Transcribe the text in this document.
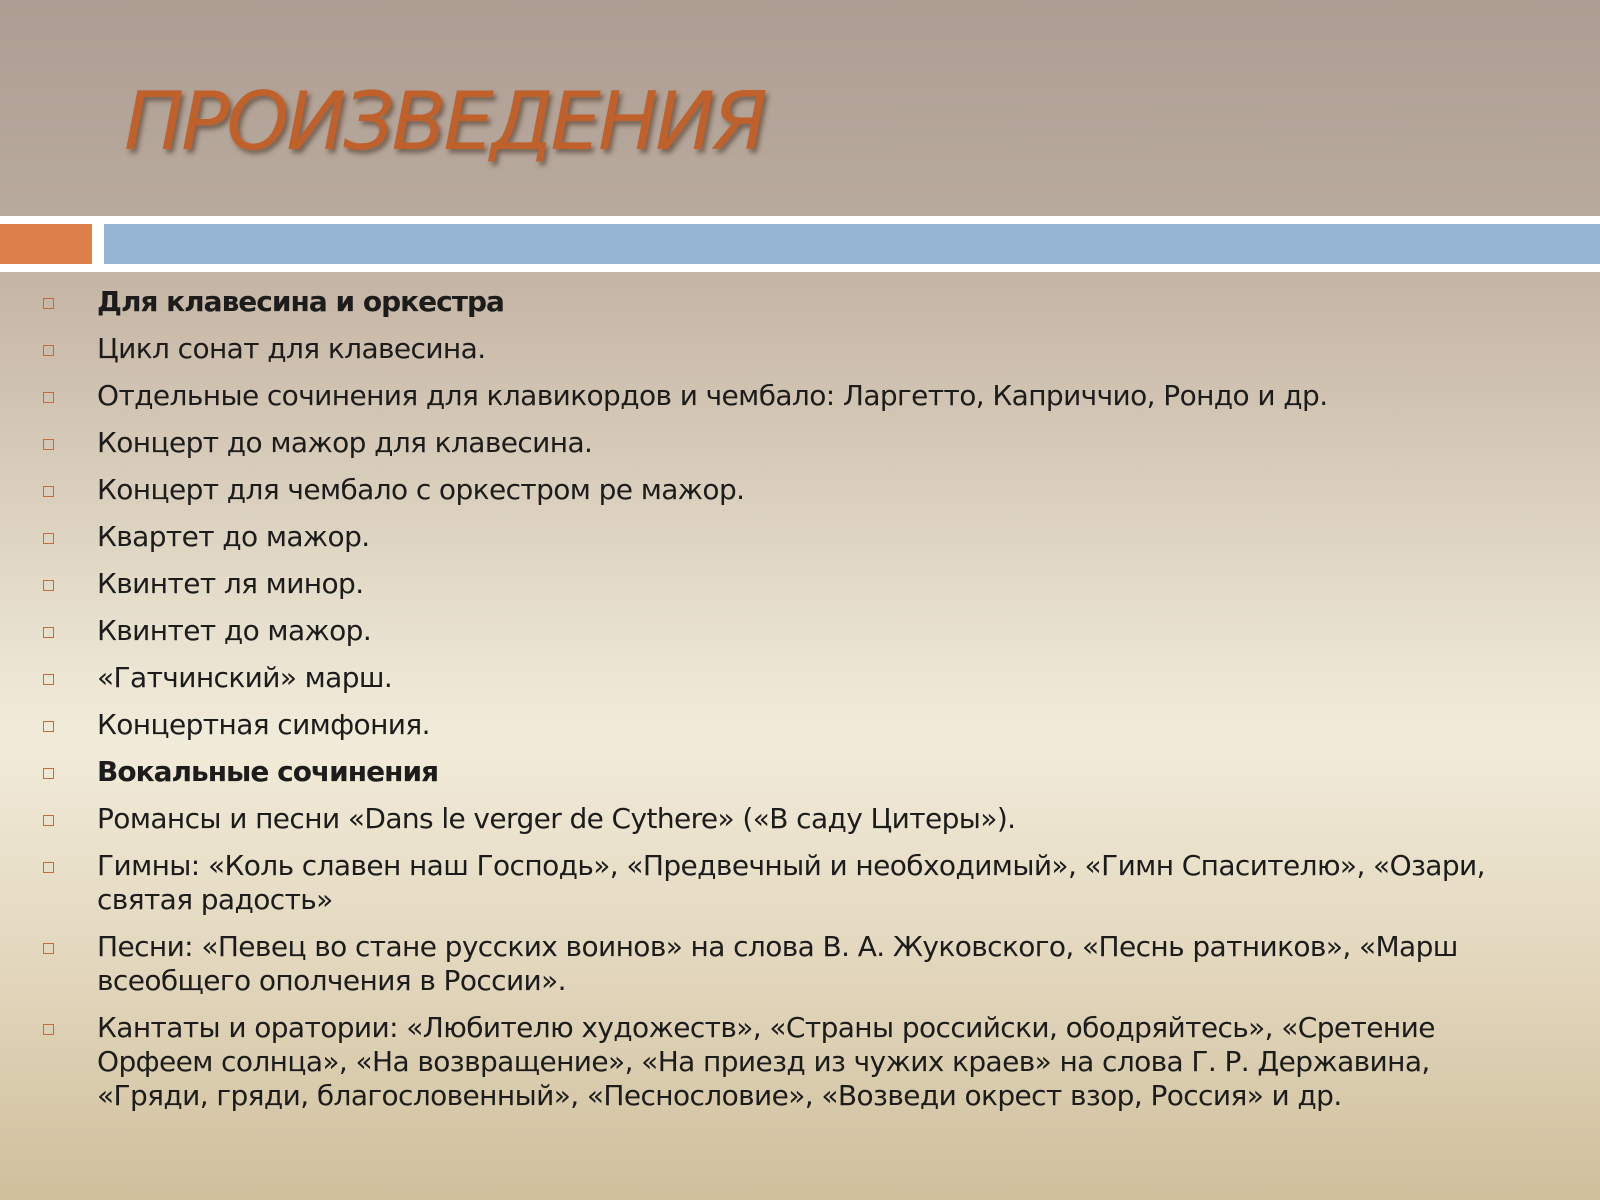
ПРОИЗВЕДЕНИЯ
Для клавесина и оркестра
Цикл сонат для клавесина.
Отдельные сочинения для клавикордов и чембало: Ларгетто, Каприччио, Рондо и др.
Концерт до мажор для клавесина.
Концерт для чембало с оркестром ре мажор.
Квартет до мажор.
Квинтет ля минор.
Квинтет до мажор.
«Гатчинский» марш.
Концертная симфония.
Вокальные сочинения
Романсы и песни «Dans le verger de Cythere» («В саду Цитеры»).
Гимны: «Коль славен наш Господь», «Предвечный и необходимый», «Гимн Спасителю», «Озари, святая радость»
Песни: «Певец во стане русских воинов» на слова В. А. Жуковского, «Песнь ратников», «Марш всеобщего ополчения в России».
Кантаты и оратории: «Любителю художеств», «Страны российски, ободряйтесь», «Сретение Орфеем солнца», «На возвращение», «На приезд из чужих краев» на слова Г. Р. Державина, «Гряди, гряди, благословенный», «Песнословие», «Возведи окрест взор, Россия» и др.
